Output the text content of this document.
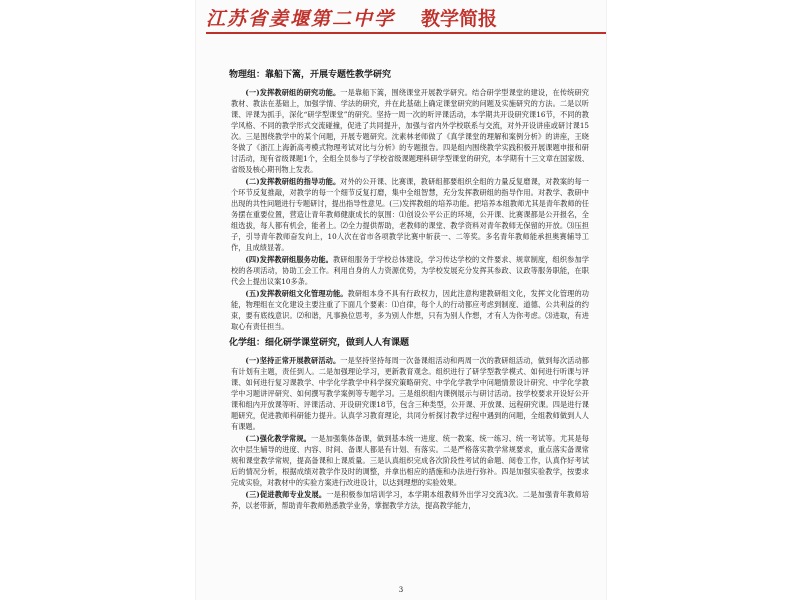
江苏省姜堰第二中学 教学简报
物理组：靠船下篙，开展专题性教学研究

(一)发挥教研组的研究功能。一是靠船下篙，围绕课堂开展教学研究。结合研学型课堂的建设，在传统研究教材、教法在基础上，加强学情、学法的研究，并在此基础上确定课堂研究的问题及实施研究的方法。二是以听课、评课为抓手，深化“研学型课堂”的研究。坚持一周一次的听评课活动，本学期共开设研究课16节，不同的教学风格、不同的教学形式交流碰撞，促进了共同提升，加强与省内外学校联系与交流，对外开设讲座或研讨课15次。三是围绕教学中的某个问题，开展专题研究。沈素林老师做了《真学课堂的理解和案例分析》的讲座，王晓冬做了《浙江上海新高考模式物理考试对比与分析》的专题报告。四是组内围绕教学实践积极开展课题申报和研讨活动，现有省级课题1个，全组全员参与了学校省级课题理科研学型课堂的研究，本学期有十三文章在国家级、省级及核心期刊物上发表。

(二)发挥教研组的指导功能。对外的公开课、比赛课，教研组都要组织全组的力量反复磨课，对教案的每一个环节反复推敲，对教学的每一个细节反复打磨，集中全组智慧，充分发挥教研组的指导作用。对教学、教研中出现的共性问题进行专题研讨，提出指导性意见。(三)发挥教组的培养功能。把培养本组教师尤其是青年教师的任务摆在重要位置，营造让青年教师健康成长的氛围：⑴创设公平公正的环境，公开课、比赛课都是公开报名，全组选拔，每人都有机会，能者上。⑵全力提供帮助，老教师的课堂、教学资料对青年教师无保留的开放。⑶压担子，引导青年教师奋发向上，10人次在省市各项教学比赛中斩获一、二等奖。多名青年教师能承担奥赛辅导工作，且成绩显著。

(四)发挥教研组服务功能。教研组服务于学校总体建设，学习传达学校的文件要求、规章制度，组织参加学校的各项活动，协助工会工作。利用自身的人力资源优势，为学校发展充分发挥其参政、议政等服务职能，在职代会上提出议案10多条。

(五)发挥教研组文化管理功能。教研组本身不具有行政权力，因此注意构建教研组文化，发挥文化管理的功能，物理组在文化建设主要注重了下面几个要素：⑴自律，每个人的行动都应考虑到制度、道德、公共利益的约束，要有底线意识。⑵和谐，凡事换位思考，多为别人作想，只有为别人作想，才有人为你考虑。⑶进取，有进取心有责任担当。

化学组：细化研学课堂研究，做到人人有课题

(一)坚持正常开展教研活动。一是坚持坚持每周一次备课组活动和两周一次的教研组活动，做到每次活动都有计划有主题，责任到人。二是加强理论学习，更新教育观念。组织进行了研学型教学模式、如何进行听课与评课、如何进行复习课教学、中学化学教学中科学探究策略研究、中学化学教学中问题情景设计研究、中学化学教学中习题讲评研究、如何撰写教学案例等专题学习。三是组织组内课例展示与研讨活动。按学校要求开设好公开课和组内开放课等听、评课活动、开设研究课18节，包含三种类型，公开课、开放课、远程研究课。四是进行课题研究，促进教师科研能力提升。认真学习教育理论，共同分析探讨教学过程中遇到的问题，全组教师做到人人有课题。

(二)强化教学常规。一是加强集体备课，做到基本统一进度、统一教案、统一练习、统一考试等。尤其是每次中层生辅导的进度、内容、时间、备课人都是有计划、有落实。二是严格落实教学常规要求，重点落实备课常规和课堂教学常规，提高备课和上课质量。三是认真组织完成各次阶段性考试的命题、阅卷工作，认真作好考试后的情况分析，根据成绩对教学作及时的调整，并拿出相应的措施和办法进行弥补。四是加强实验教学，按要求完成实验，对教材中的实验方案进行改进设计，以达到理想的实验效果。

(三)促进教师专业发展。一是积极参加培训学习，本学期本组教师外出学习交流3次。二是加强青年教师培养，以老带新，帮助青年教师熟悉教学业务，掌握教学方法，提高教学能力，

3
